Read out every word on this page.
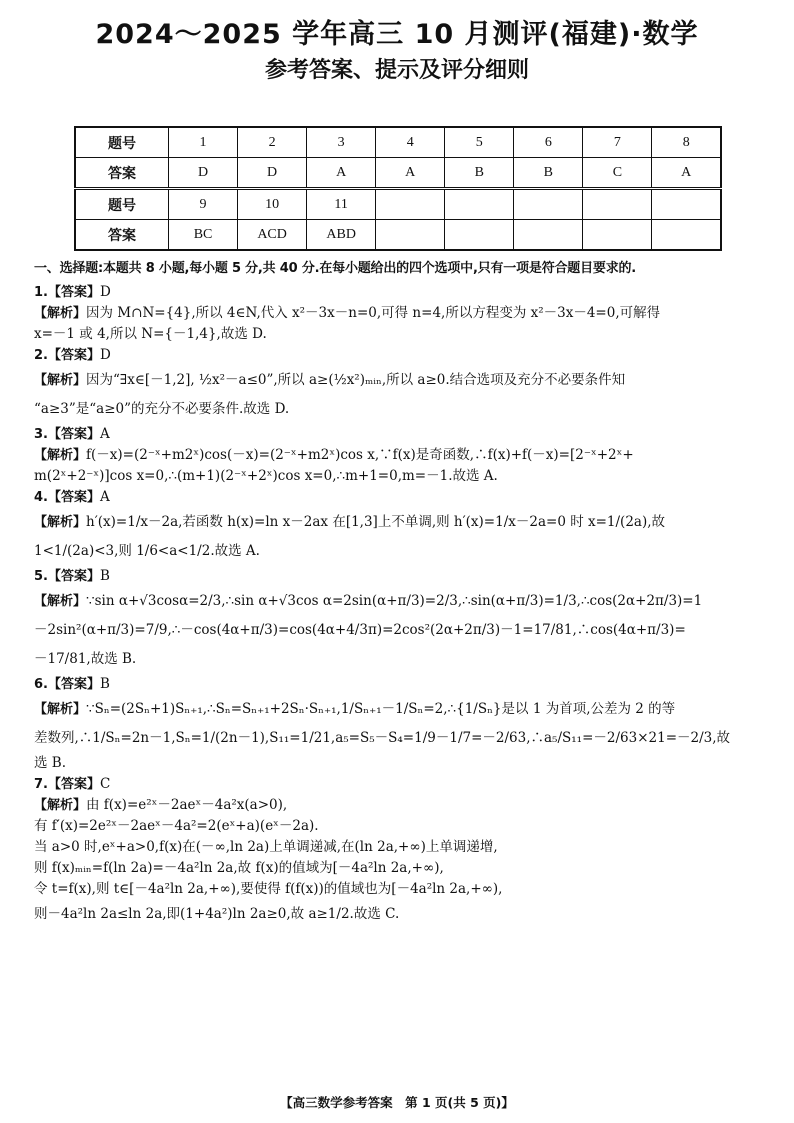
2024～2025 学年高三 10 月测评(福建)·数学
参考答案、提示及评分细则
题号	1	2	3	4	5	6	7	8
答案	D	D	A	A	B	B	C	A
题号	9	10	11					
答案	BC	ACD	ABD					
一、选择题:本题共 8 小题,每小题 5 分,共 40 分.在每小题给出的四个选项中,只有一项是符合题目要求的.
1.【答案】D
【解析】因为 M∩N={4},所以 4∈N,代入 x²－3x－n=0,可得 n=4,所以方程变为 x²－3x－4=0,可解得
x=－1 或 4,所以 N={－1,4},故选 D.
2.【答案】D
【解析】因为“∃x∈[－1,2], ½x²－a≤0”,所以 a≥(½x²)ₘᵢₙ,所以 a≥0.结合选项及充分不必要条件知
“a≥3”是“a≥0”的充分不必要条件.故选 D.
3.【答案】A
【解析】f(－x)=(2⁻ˣ+m2ˣ)cos(－x)=(2⁻ˣ+m2ˣ)cos x,∵f(x)是奇函数,∴f(x)+f(－x)=[2⁻ˣ+2ˣ+
m(2ˣ+2⁻ˣ)]cos x=0,∴(m+1)(2⁻ˣ+2ˣ)cos x=0,∴m+1=0,m=－1.故选 A.
4.【答案】A
【解析】h′(x)=1/x－2a,若函数 h(x)=ln x－2ax 在[1,3]上不单调,则 h′(x)=1/x－2a=0 时 x=1/(2a),故
1<1/(2a)<3,则 1/6<a<1/2.故选 A.
5.【答案】B
【解析】∵sin α+√3cosα=2/3,∴sin α+√3cos α=2sin(α+π/3)=2/3,∴sin(α+π/3)=1/3,∴cos(2α+2π/3)=1
－2sin²(α+π/3)=7/9,∴－cos(4α+π/3)=cos(4α+4/3π)=2cos²(2α+2π/3)－1=17/81,∴cos(4α+π/3)=
－17/81,故选 B.
6.【答案】B
【解析】∵Sₙ=(2Sₙ+1)Sₙ₊₁,∴Sₙ=Sₙ₊₁+2Sₙ·Sₙ₊₁,1/Sₙ₊₁－1/Sₙ=2,∴{1/Sₙ}是以 1 为首项,公差为 2 的等
差数列,∴1/Sₙ=2n－1,Sₙ=1/(2n－1),S₁₁=1/21,a₅=S₅－S₄=1/9－1/7=－2/63,∴a₅/S₁₁=－2/63×21=－2/3,故
选 B.
7.【答案】C
【解析】由 f(x)=e²ˣ－2aeˣ－4a²x(a>0),
有 f′(x)=2e²ˣ－2aeˣ－4a²=2(eˣ+a)(eˣ－2a).
当 a>0 时,eˣ+a>0,f(x)在(－∞,ln 2a)上单调递减,在(ln 2a,+∞)上单调递增,
则 f(x)ₘᵢₙ=f(ln 2a)=－4a²ln 2a,故 f(x)的值域为[－4a²ln 2a,+∞),
令 t=f(x),则 t∈[－4a²ln 2a,+∞),要使得 f(f(x))的值域也为[－4a²ln 2a,+∞),
则－4a²ln 2a≤ln 2a,即(1+4a²)ln 2a≥0,故 a≥1/2.故选 C.
【高三数学参考答案　第 1 页(共 5 页)】
